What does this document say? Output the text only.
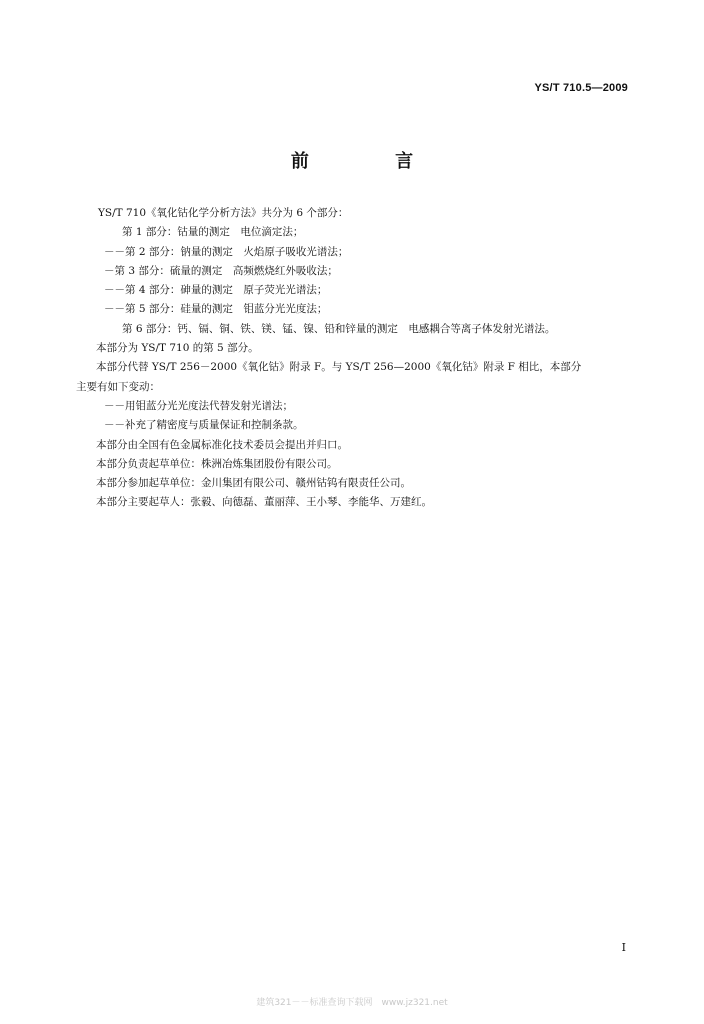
YS/T 710.5—2009
前 言
YS/T 710《氧化钴化学分析方法》共分为 6 个部分：
第 1 部分：钴量的测定　电位滴定法；
－－第 2 部分：钠量的测定　火焰原子吸收光谱法；
－第 3 部分：硫量的测定　高频燃烧红外吸收法；
－－第 4 部分：砷量的测定　原子荧光光谱法；
－－第 5 部分：硅量的测定　钼蓝分光光度法；
第 6 部分：钙、镉、铜、铁、镁、锰、镍、铅和锌量的测定　电感耦合等离子体发射光谱法。
本部分为 YS/T 710 的第 5 部分。
本部分代替 YS/T 256－2000《氧化钴》附录 F。与 YS/T 256—2000《氧化钴》附录 F 相比，本部分
主要有如下变动：
－－用钼蓝分光光度法代替发射光谱法；
－－补充了精密度与质量保证和控制条款。
本部分由全国有色金属标准化技术委员会提出并归口。
本部分负责起草单位：株洲冶炼集团股份有限公司。
本部分参加起草单位：金川集团有限公司、赣州钴钨有限责任公司。
本部分主要起草人：张毅、向德磊、董丽萍、王小琴、李能华、万建红。
I
建筑321－－标准查询下载网　www.jz321.net
